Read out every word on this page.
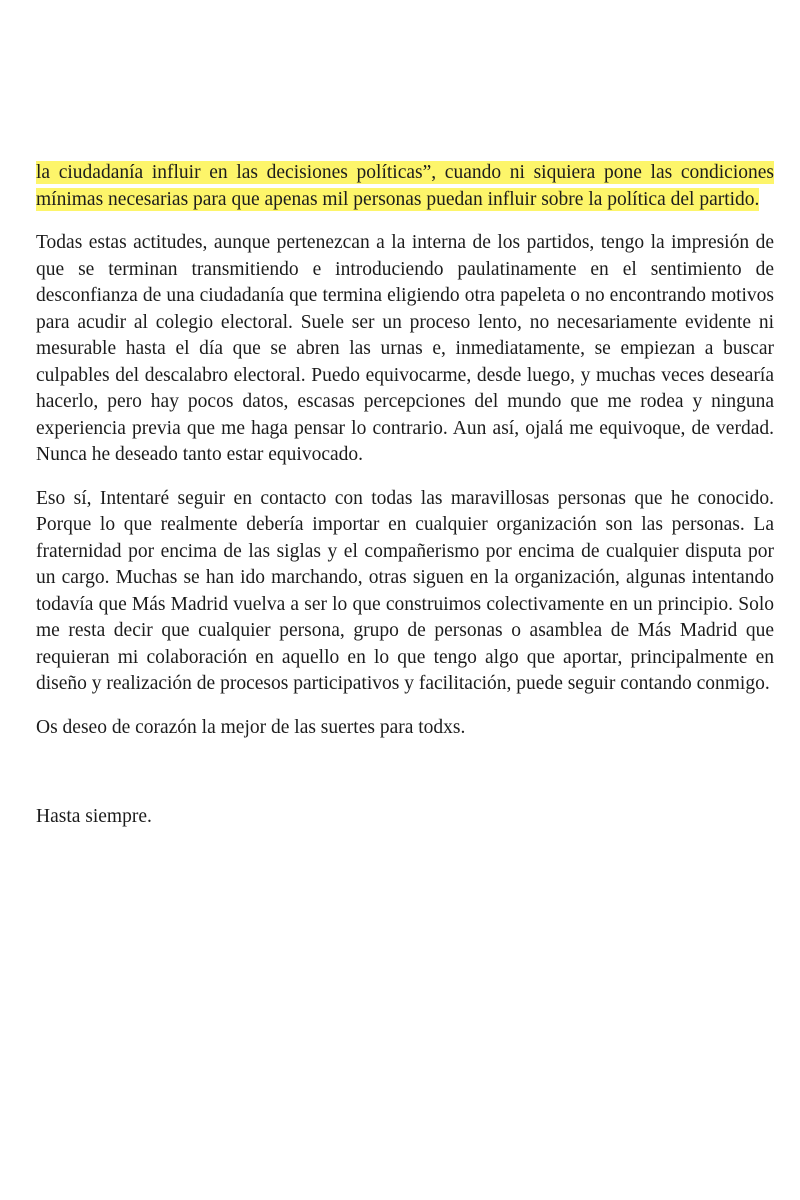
la ciudadanía influir en las decisiones políticas”, cuando ni siquiera pone las condiciones mínimas necesarias para que apenas mil personas puedan influir sobre la política del partido.

Todas estas actitudes, aunque pertenezcan a la interna de los partidos, tengo la impresión de que se terminan transmitiendo e introduciendo paulatinamente en el sentimiento de desconfianza de una ciudadanía que termina eligiendo otra papeleta o no encontrando motivos para acudir al colegio electoral. Suele ser un proceso lento, no necesariamente evidente ni mesurable hasta el día que se abren las urnas e, inmediatamente, se empiezan a buscar culpables del descalabro electoral. Puedo equivocarme, desde luego, y muchas veces desearía hacerlo, pero hay pocos datos, escasas percepciones del mundo que me rodea y ninguna experiencia previa que me haga pensar lo contrario. Aun así, ojalá me equivoque, de verdad. Nunca he deseado tanto estar equivocado.

Eso sí, Intentaré seguir en contacto con todas las maravillosas personas que he conocido. Porque lo que realmente debería importar en cualquier organización son las personas. La fraternidad por encima de las siglas y el compañerismo por encima de cualquier disputa por un cargo. Muchas se han ido marchando, otras siguen en la organización, algunas intentando todavía que Más Madrid vuelva a ser lo que construimos colectivamente en un principio. Solo me resta decir que cualquier persona, grupo de personas o asamblea de Más Madrid que requieran mi colaboración en aquello en lo que tengo algo que aportar, principalmente en diseño y realización de procesos participativos y facilitación, puede seguir contando conmigo.

Os deseo de corazón la mejor de las suertes para todxs.

Hasta siempre.
